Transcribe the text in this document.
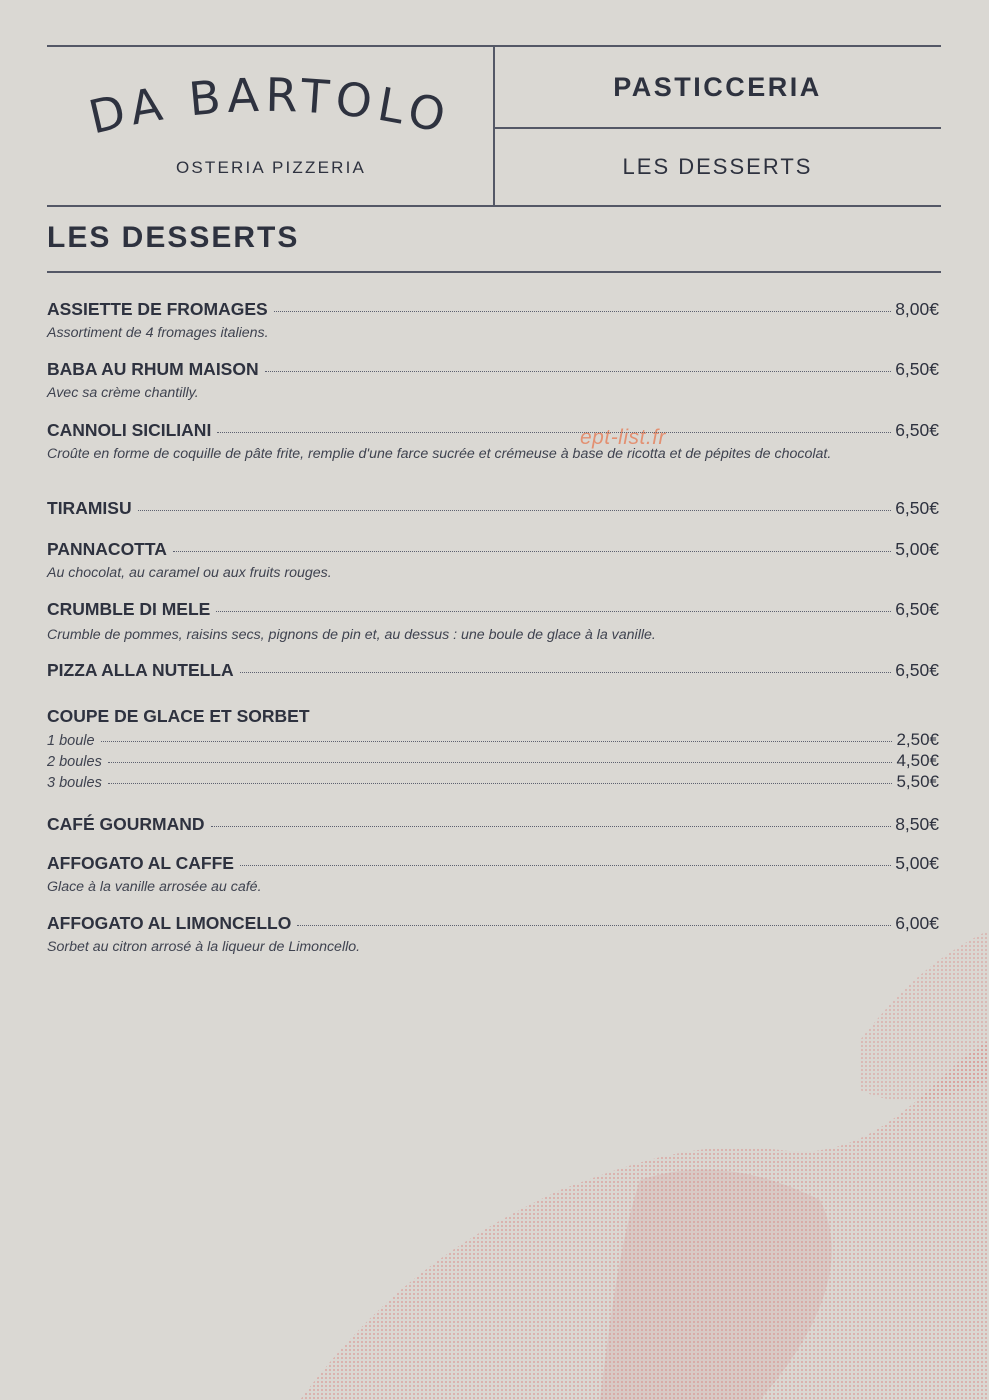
DA BARTOLO
OSTERIA PIZZERIA
PASTICCERIA
LES DESSERTS
LES DESSERTS
ept-list.fr
ASSIETTE DE FROMAGES	8,00€
Assortiment de 4 fromages italiens.
BABA AU RHUM MAISON	6,50€
Avec sa crème chantilly.
CANNOLI SICILIANI	6,50€
Croûte en forme de coquille de pâte frite, remplie d'une farce sucrée et crémeuse à base de ricotta et de pépites de chocolat.
TIRAMISU	6,50€
PANNACOTTA	5,00€
Au chocolat, au caramel ou aux fruits rouges.
CRUMBLE DI MELE	6,50€
Crumble de pommes, raisins secs, pignons de pin et, au dessus : une boule de glace à la vanille.
PIZZA ALLA NUTELLA	6,50€
COUPE DE GLACE ET SORBET
1 boule	2,50€
2 boules	4,50€
3 boules	5,50€
CAFÉ GOURMAND	8,50€
AFFOGATO AL CAFFE	5,00€
Glace à la vanille arrosée au café.
AFFOGATO AL LIMONCELLO	6,00€
Sorbet au citron arrosé à la liqueur de Limoncello.
